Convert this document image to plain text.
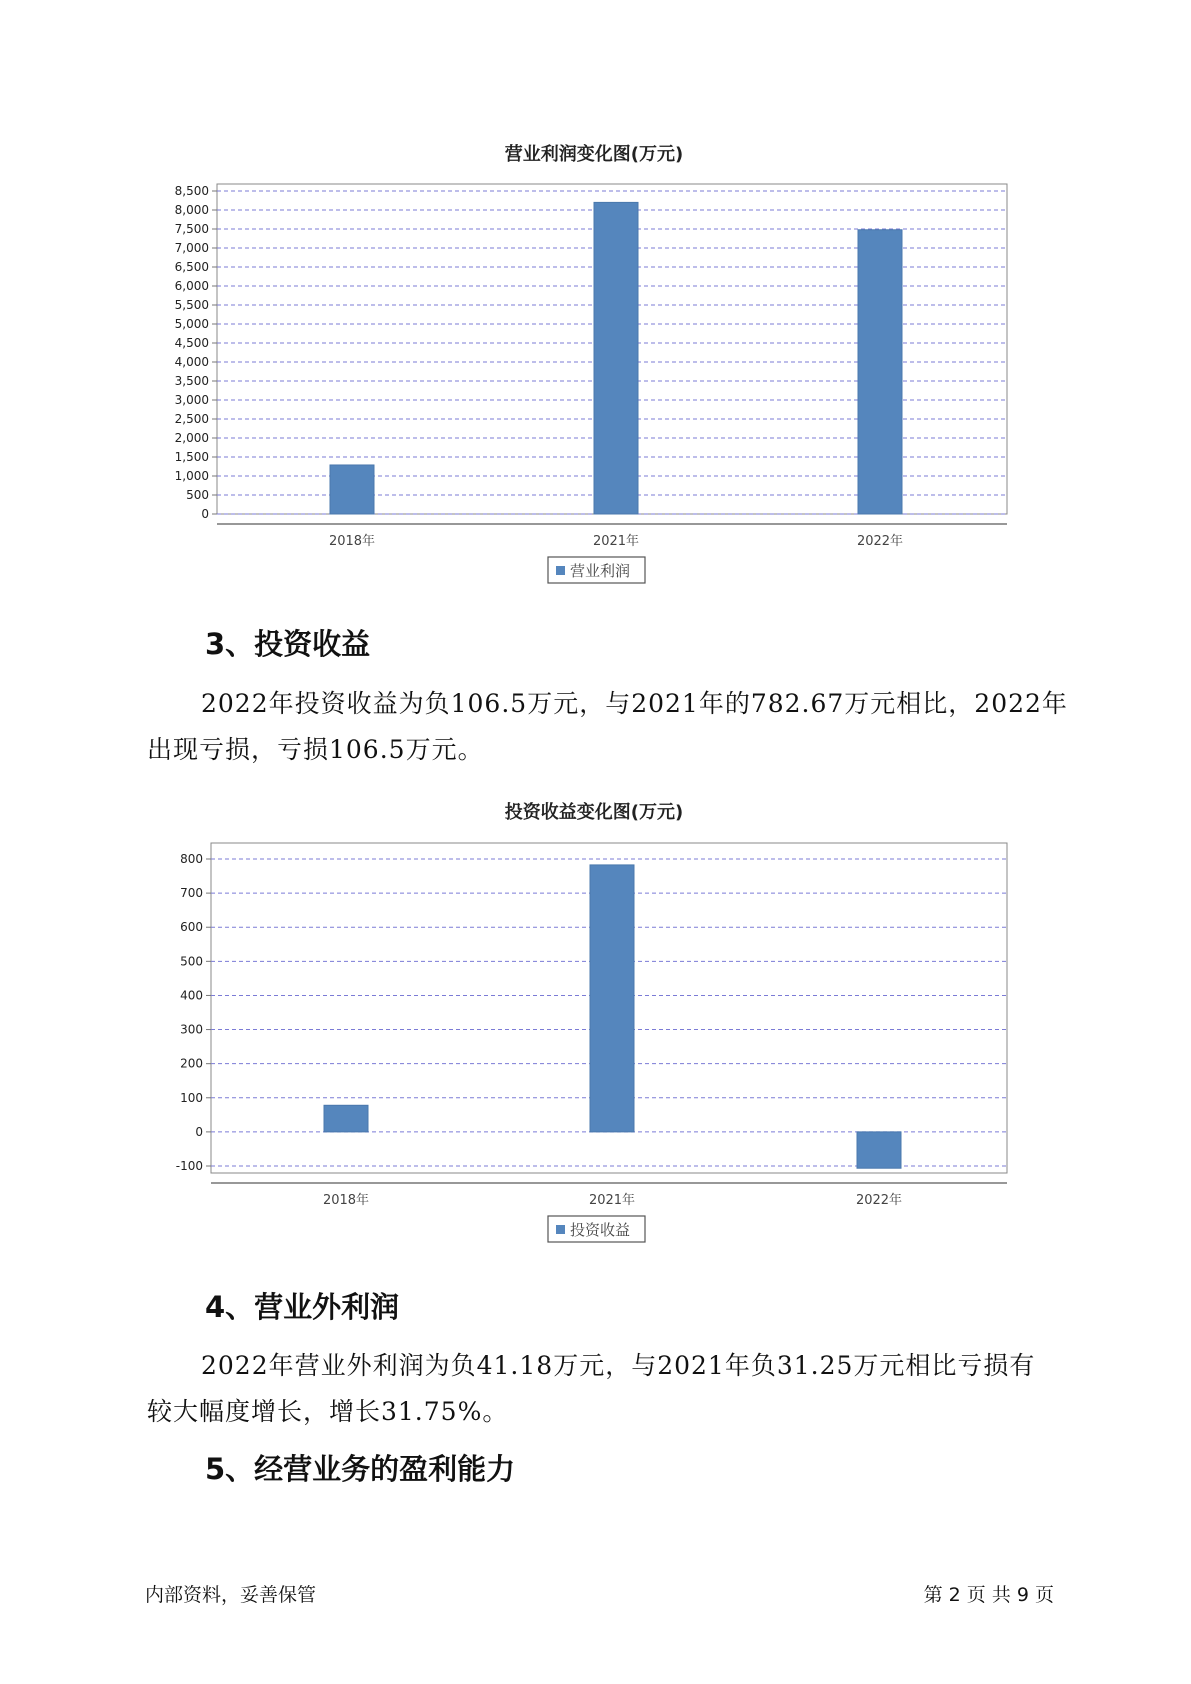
营业利润变化图(万元)
0
500
1,000
1,500
2,000
2,500
3,000
3,500
4,000
4,500
5,000
5,500
6,000
6,500
7,000
7,500
8,000
8,500
2018年	2021年	2022年
营业利润
投资收益变化图(万元)
-100
0
100
200
300
400
500
600
700
800
2018年	2021年	2022年
投资收益
3、投资收益
2022年投资收益为负106.5万元，与2021年的782.67万元相比，2022年
出现亏损，亏损106.5万元。
4、营业外利润
2022年营业外利润为负41.18万元，与2021年负31.25万元相比亏损有
较大幅度增长，增长31.75%。
5、经营业务的盈利能力
内部资料，妥善保管	第 2 页 共 9 页
